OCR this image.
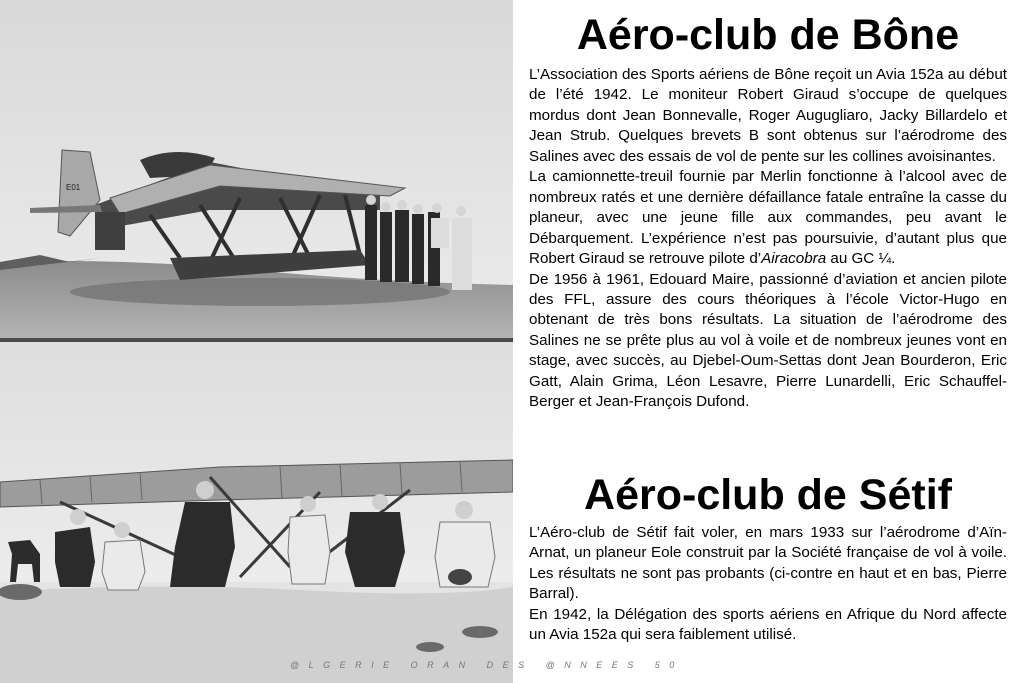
E01
Aéro-club de Bône

L’Association des Sports aériens de Bône reçoit un Avia 152a au début de l’été 1942. Le moniteur Robert Giraud s’occupe de quelques mordus dont Jean Bonnevalle, Roger Augugliaro, Jacky Billardelo et Jean Strub. Quelques brevets B sont obtenus sur l’aérodrome des Salines avec des essais de vol de pente sur les collines avoisinantes.

La camionnette-treuil fournie par Merlin fonctionne à l’alcool avec de nombreux ratés et une dernière défaillance fatale entraîne la casse du planeur, avec une jeune fille aux commandes, peu avant le Débarquement. L’expérience n’est pas poursuivie, d’autant plus que Robert Giraud se retrouve pilote d’Airacobra au GC ¼.

De 1956 à 1961, Edouard Maire, passionné d’aviation et ancien pilote des FFL, assure des cours théoriques à l’école Victor-Hugo en obtenant de très bons résultats. La situation de l’aérodrome des Salines ne se prête plus au vol à voile et de nombreux jeunes vont en stage, avec succès, au Djebel-Oum-Settas dont Jean Bourderon, Eric Gatt, Alain Grima, Léon Lesavre, Pierre Lunardelli, Eric Schauffel-Berger et Jean-François Dufond.

Aéro-club de Sétif

L’Aéro-club de Sétif fait voler, en mars 1933 sur l’aérodrome d’Aïn-Arnat, un planeur Eole construit par la Société française de vol à voile. Les résultats ne sont pas probants (ci-contre en haut et en bas, Pierre Barral).

En 1942, la Délégation des sports aériens en Afrique du Nord affecte un Avia 152a qui sera faiblement utilisé.

@LGERIE ORAN DES @NNEES 50
